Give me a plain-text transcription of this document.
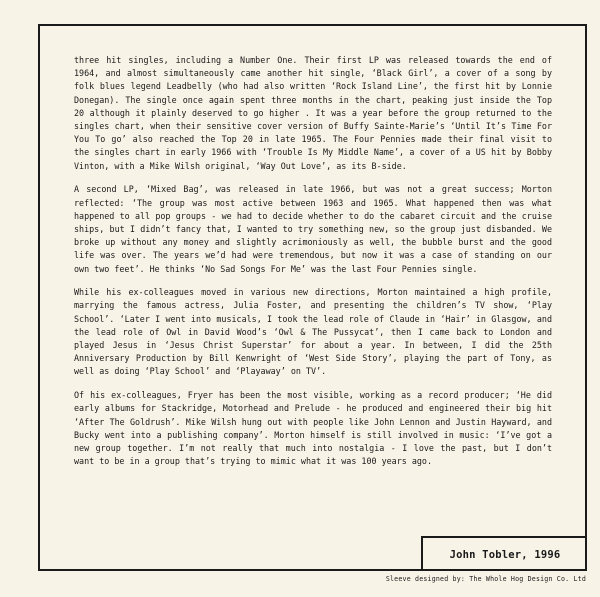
three hit singles, including a Number One. Their first LP was released towards the end of 1964, and almost simultaneously came another hit single, ‘Black Girl’, a cover of a song by folk blues legend Leadbelly (who had also written ‘Rock Island Line’, the first hit by Lonnie Donegan). The single once again spent three months in the chart, peaking just inside the Top 20 although it plainly deserved to go higher . It was a year before the group returned to the singles chart, when their sensitive cover version of Buffy Sainte-Marie’s ‘Until It’s Time For You To go’ also reached the Top 20 in late 1965. The Four Pennies made their final visit to the singles chart in early 1966 with ‘Trouble Is My Middle Name’, a cover of a US hit by Bobby Vinton, with a Mike Wilsh original, ‘Way Out Love’, as its B-side.

A second LP, ‘Mixed Bag’, was released in late 1966, but was not a great success; Morton reflected: ‘The group was most active between 1963 and 1965. What happened then was what happened to all pop groups - we had to decide whether to do the cabaret circuit and the cruise ships, but I didn’t fancy that, I wanted to try something new, so the group just disbanded. We broke up without any money and slightly acrimoniously as well, the bubble burst and the good life was over. The years we’d had were tremendous, but now it was a case of standing on our own two feet’. He thinks ‘No Sad Songs For Me’ was the last Four Pennies single.

While his ex-colleagues moved in various new directions, Morton maintained a high profile, marrying the famous actress, Julia Foster, and presenting the children’s TV show, ‘Play School’. ‘Later I went into musicals, I took the lead role of Claude in ‘Hair’ in Glasgow, and the lead role of Owl in David Wood’s ‘Owl & The Pussycat’, then I came back to London and played Jesus in ‘Jesus Christ Superstar’ for about a year. In between, I did the 25th Anniversary Production by Bill Kenwright of ‘West Side Story’, playing the part of Tony, as well as doing ‘Play School’ and ‘Playaway’ on TV’.

Of his ex-colleagues, Fryer has been the most visible, working as a record producer; ‘He did early albums for Stackridge, Motorhead and Prelude - he produced and engineered their big hit ‘After The Goldrush’. Mike Wilsh hung out with people like John Lennon and Justin Hayward, and Bucky went into a publishing company’. Morton himself is still involved in music: ‘I’ve got a new group together. I’m not really that much into nostalgia - I love the past, but I don’t want to be in a group that’s trying to mimic what it was 100 years ago.

John Tobler, 1996
Sleeve designed by: The Whole Hog Design Co. Ltd
